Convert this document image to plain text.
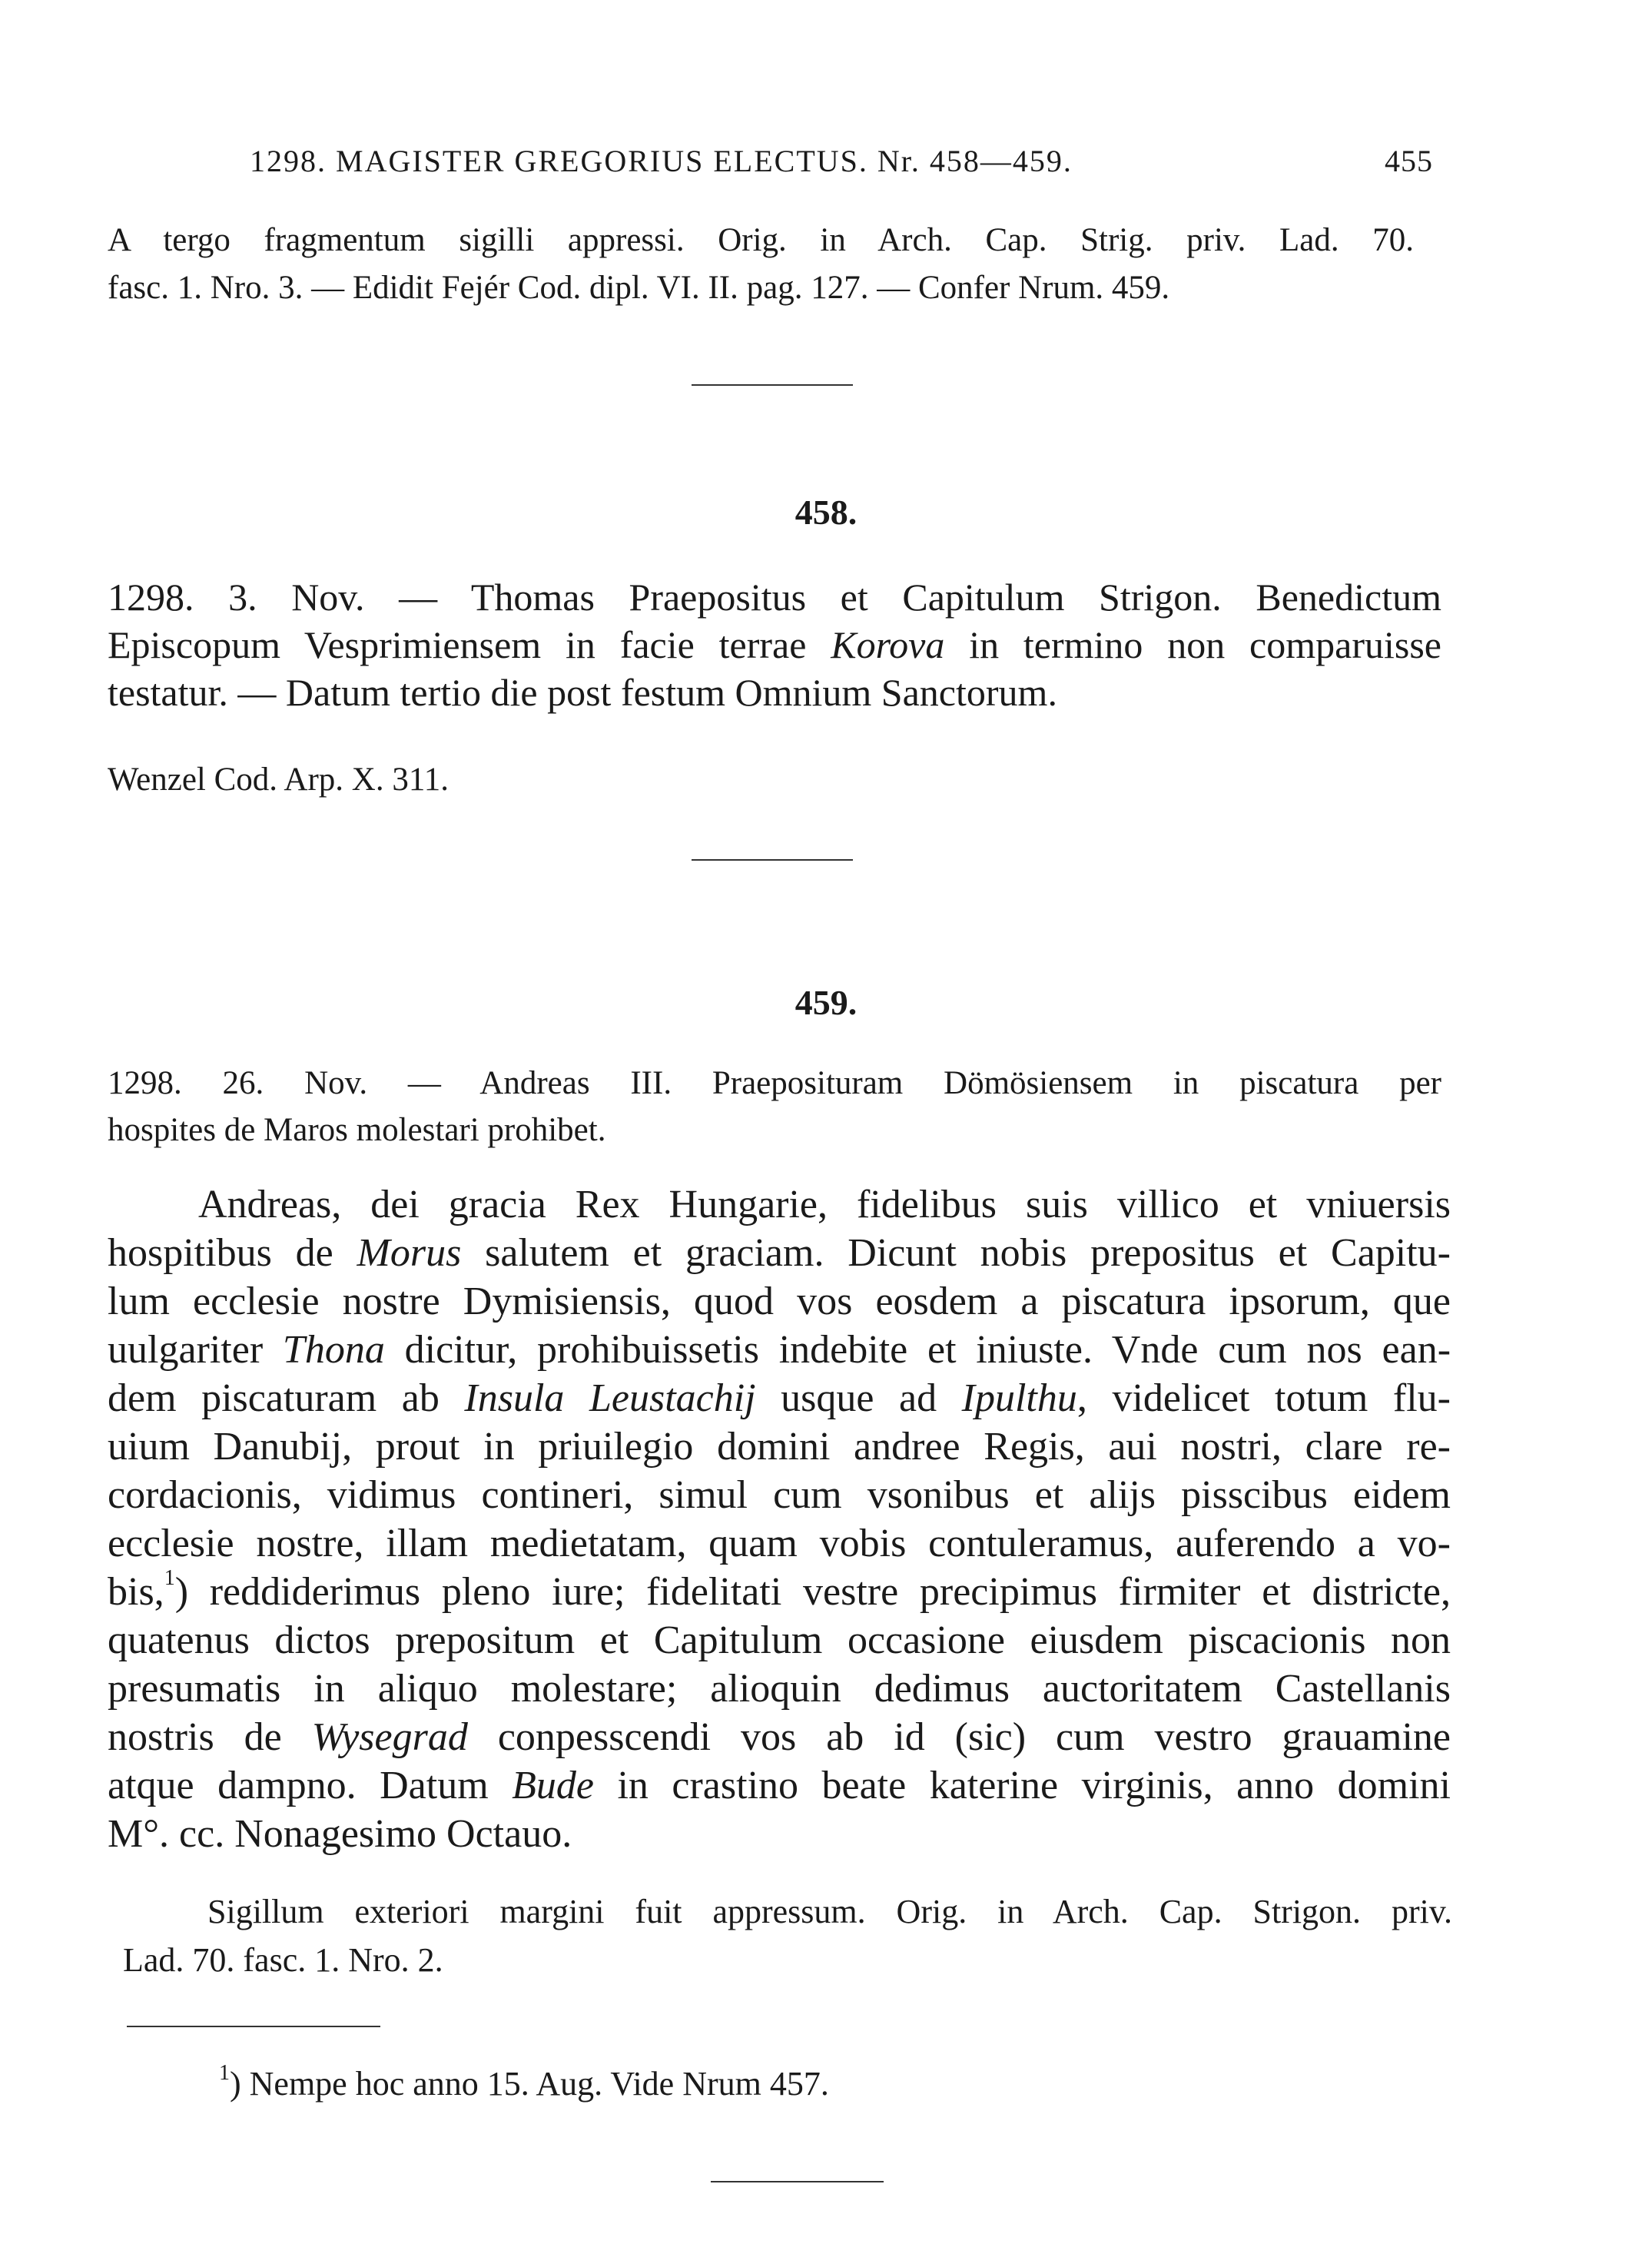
1298. MAGISTER GREGORIUS ELECTUS. Nr. 458—459.	455
A tergo fragmentum sigilli appressi. Orig. in Arch. Cap. Strig. priv. Lad. 70.
fasc. 1. Nro. 3. — Edidit Fejér Cod. dipl. VI. II. pag. 127. — Confer Nrum. 459.
458.
1298. 3. Nov. — Thomas Praepositus et Capitulum Strigon. Benedictum
Episcopum Vesprimiensem in facie terrae Korova in termino non comparuisse
testatur. — Datum tertio die post festum Omnium Sanctorum.
Wenzel Cod. Arp. X. 311.
459.
1298. 26. Nov. — Andreas III. Praeposituram Dömösiensem in piscatura per
hospites de Maros molestari prohibet.
Andreas, dei gracia Rex Hungarie, fidelibus suis villico et vniuersis
hospitibus de Morus salutem et graciam. Dicunt nobis prepositus et Capitu-
lum ecclesie nostre Dymisiensis, quod vos eosdem a piscatura ipsorum, que
uulgariter Thona dicitur, prohibuissetis indebite et iniuste. Vnde cum nos ean-
dem piscaturam ab Insula Leustachij usque ad Ipulthu, videlicet totum flu-
uium Danubij, prout in priuilegio domini andree Regis, aui nostri, clare re-
cordacionis, vidimus contineri, simul cum vsonibus et alijs pisscibus eidem
ecclesie nostre, illam medietatam, quam vobis contuleramus, auferendo a vo-
bis,$^1$) reddiderimus pleno iure; fidelitati vestre precipimus firmiter et districte,
quatenus dictos prepositum et Capitulum occasione eiusdem piscacionis non
presumatis in aliquo molestare; alioquin dedimus auctoritatem Castellanis
nostris de Wysegrad conpesscendi vos ab id (sic) cum vestro grauamine
atque dampno. Datum Bude in crastino beate katerine virginis, anno domini
M°. cc. Nonagesimo Octauo.
Sigillum exteriori margini fuit appressum. Orig. in Arch. Cap. Strigon. priv.
Lad. 70. fasc. 1. Nro. 2.
$^1$) Nempe hoc anno 15. Aug. Vide Nrum 457.
